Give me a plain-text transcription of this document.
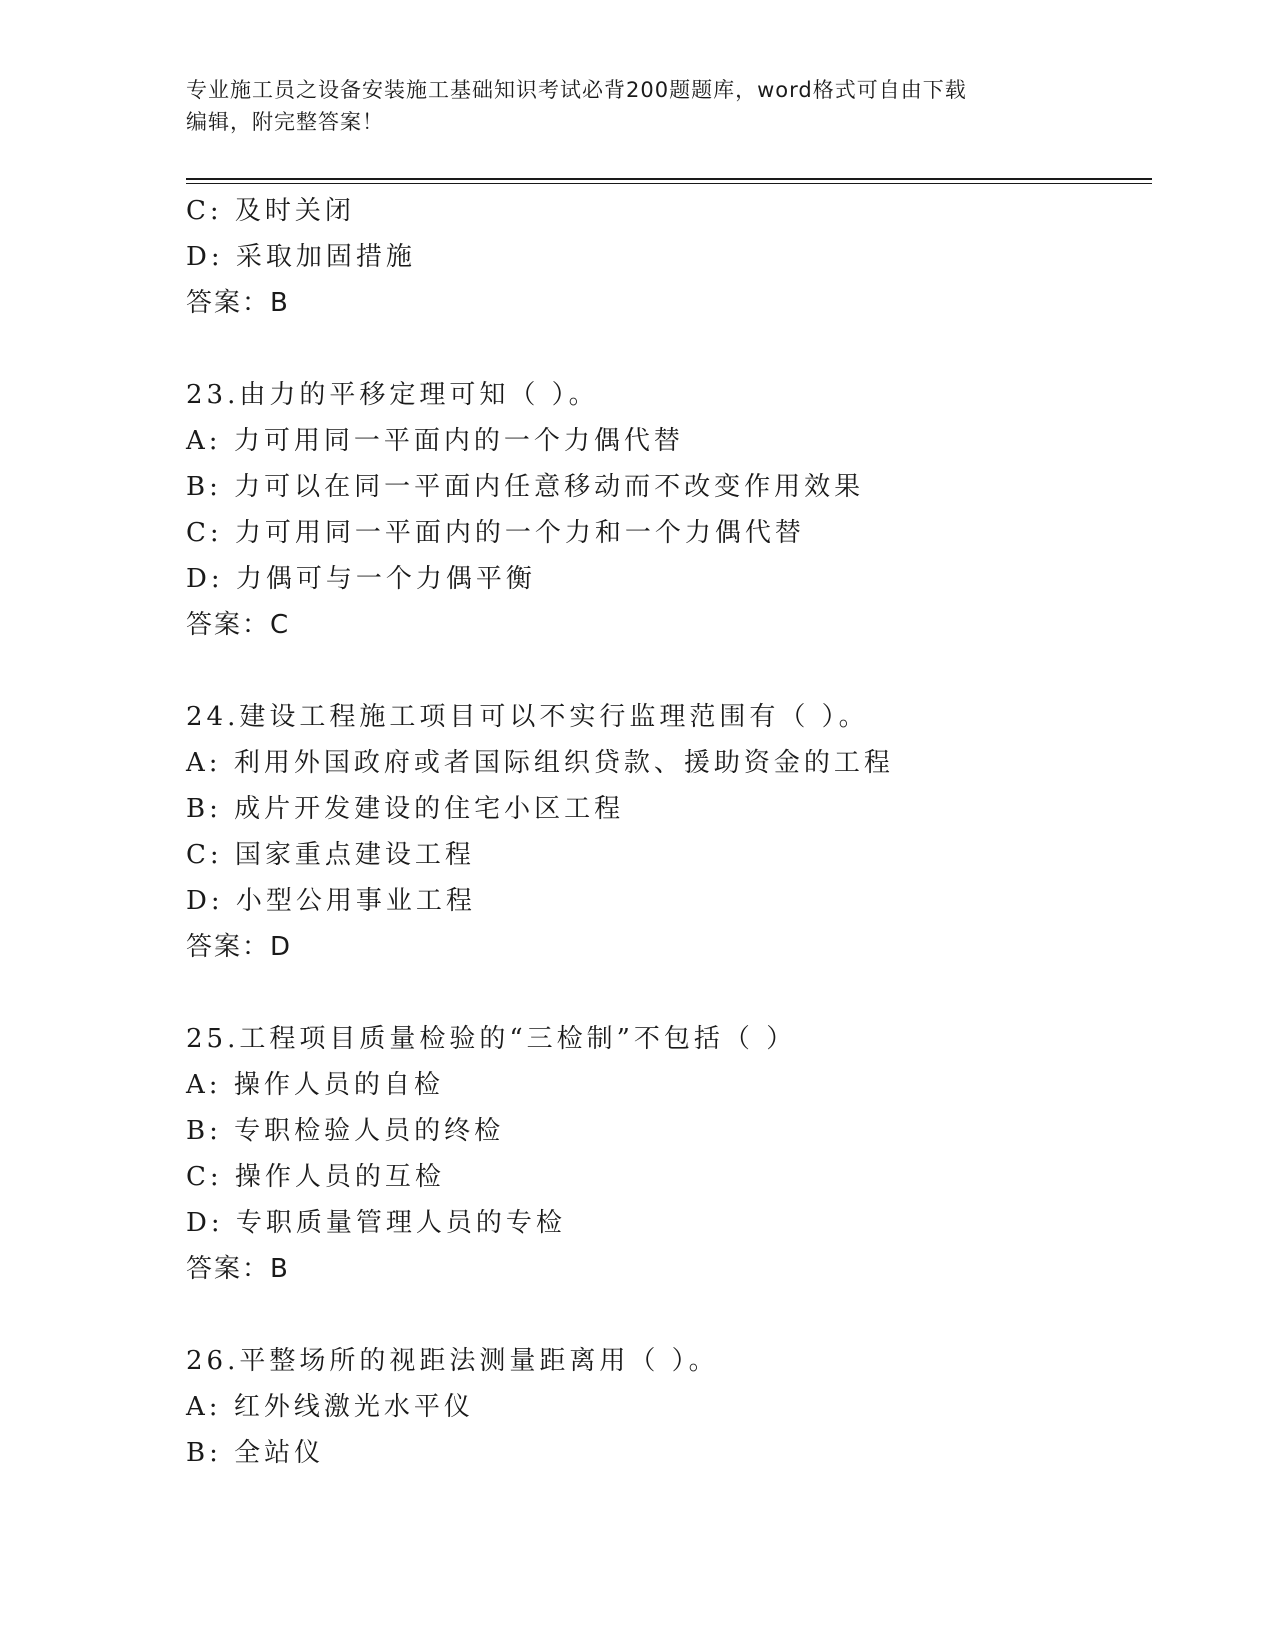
专业施工员之设备安装施工基础知识考试必背200题题库，word格式可自由下载
编辑，附完整答案！
C: 及时关闭
D: 采取加固措施
答案：B
23.由力的平移定理可知（ ）。
A: 力可用同一平面内的一个力偶代替
B: 力可以在同一平面内任意移动而不改变作用效果
C: 力可用同一平面内的一个力和一个力偶代替
D: 力偶可与一个力偶平衡
答案：C
24.建设工程施工项目可以不实行监理范围有（ ）。
A: 利用外国政府或者国际组织贷款、援助资金的工程
B: 成片开发建设的住宅小区工程
C: 国家重点建设工程
D: 小型公用事业工程
答案：D
25.工程项目质量检验的“三检制”不包括（ ）
A: 操作人员的自检
B: 专职检验人员的终检
C: 操作人员的互检
D: 专职质量管理人员的专检
答案：B
26.平整场所的视距法测量距离用（ ）。
A: 红外线激光水平仪
B: 全站仪
